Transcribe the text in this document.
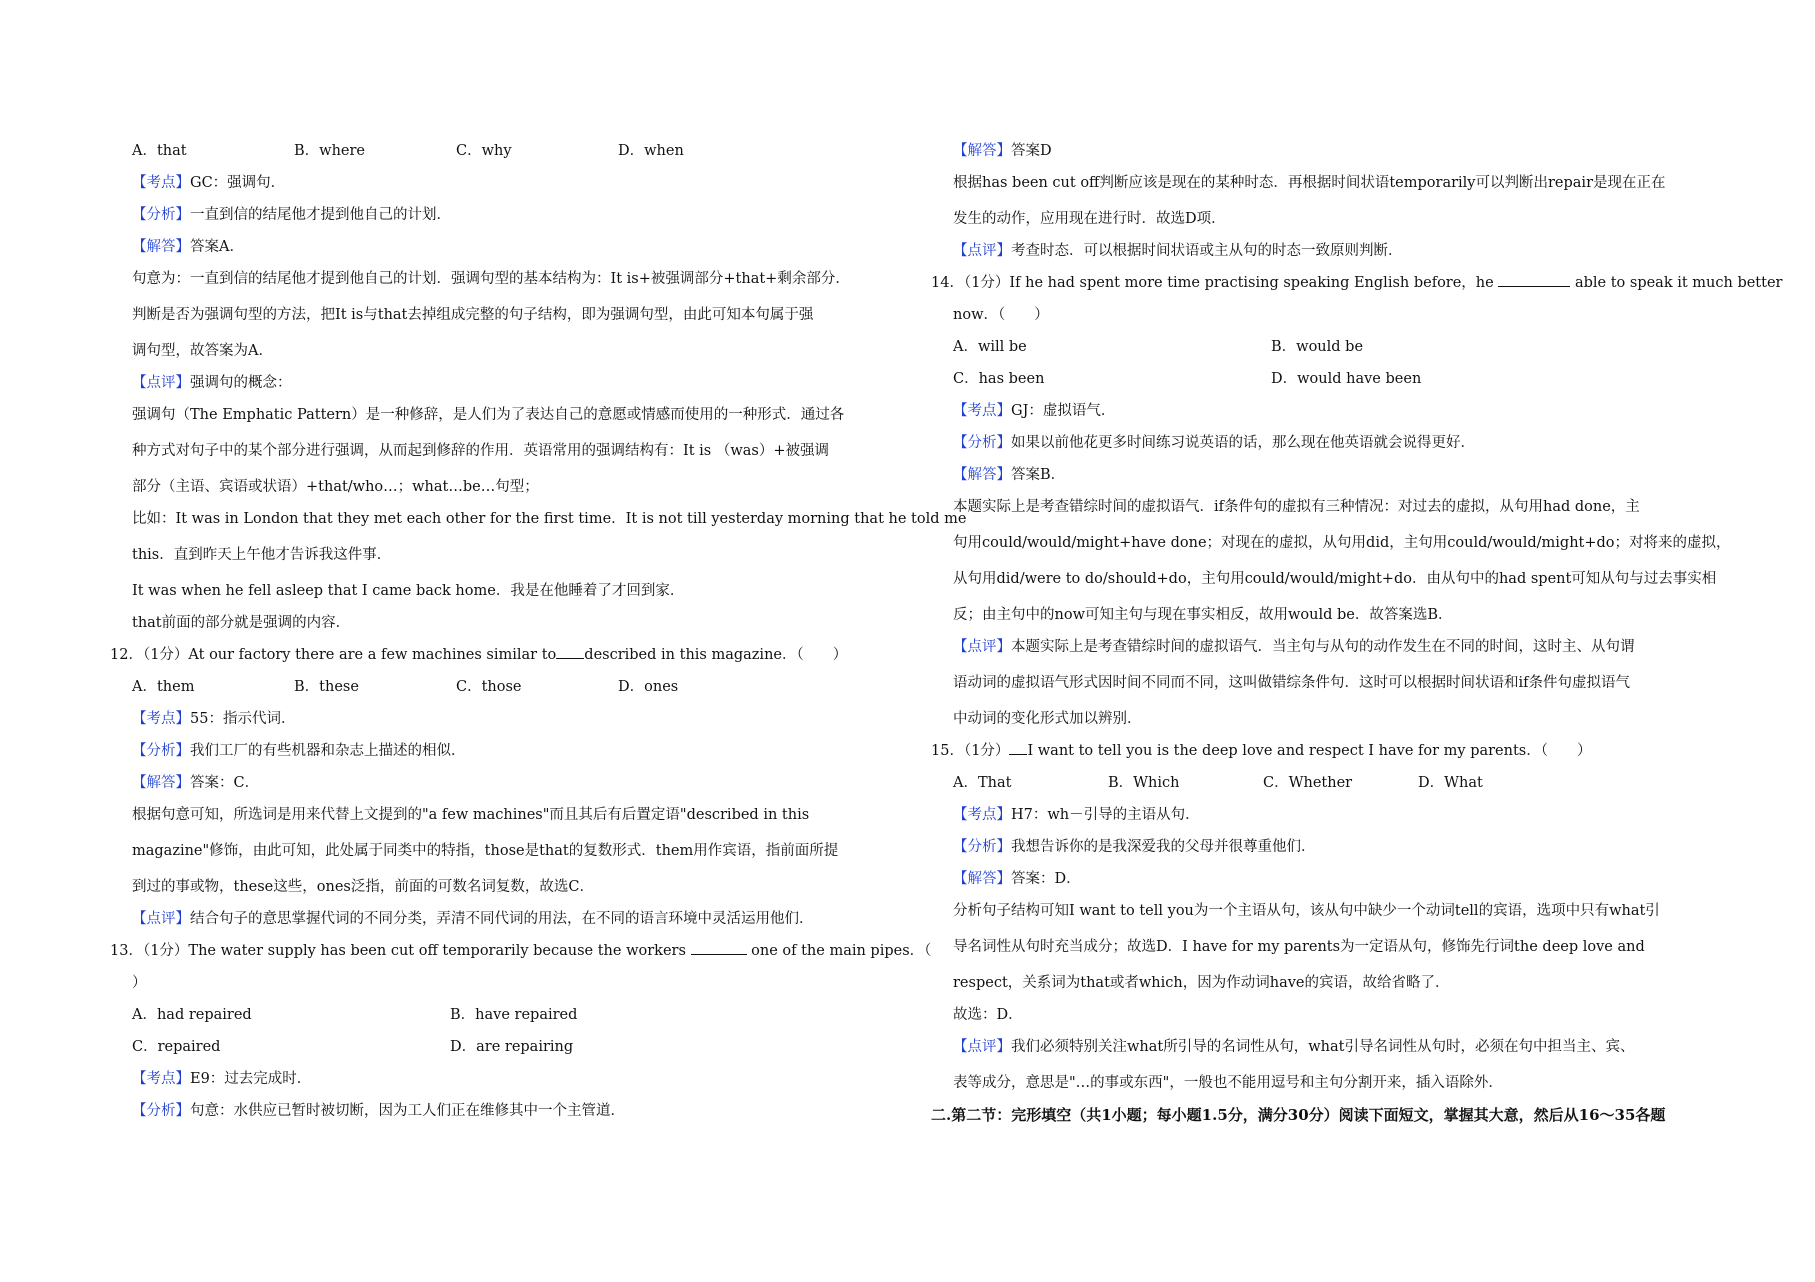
A．that	B．where	C．why	D．when
【考点】GC：强调句．
【分析】一直到信的结尾他才提到他自己的计划．
【解答】答案A．
句意为：一直到信的结尾他才提到他自己的计划．强调句型的基本结构为：It is+被强调部分+that+剩余部分．
判断是否为强调句型的方法，把It is与that去掉组成完整的句子结构，即为强调句型，由此可知本句属于强
调句型，故答案为A．
【点评】强调句的概念：
强调句（The Emphatic Pattern）是一种修辞，是人们为了表达自己的意愿或情感而使用的一种形式．通过各
种方式对句子中的某个部分进行强调，从而起到修辞的作用．英语常用的强调结构有：It is （was）+被强调
部分（主语、宾语或状语）+that/who…；what…be…句型；
比如：It was in London that they met each other for the first time．It is not till yesterday morning that he told me
this．直到昨天上午他才告诉我这件事．
It was when he fell asleep that I came back home．我是在他睡着了才回到家．
that前面的部分就是强调的内容．
12．（1分）At our factory there are a few machines similar to described in this magazine．（　　）
A．them	B．these	C．those	D．ones
【考点】55：指示代词．
【分析】我们工厂的有些机器和杂志上描述的相似．
【解答】答案：C．
根据句意可知，所选词是用来代替上文提到的"a few machines"而且其后有后置定语"described in this
magazine"修饰，由此可知，此处属于同类中的特指，those是that的复数形式．them用作宾语，指前面所提
到过的事或物，these这些，ones泛指，前面的可数名词复数，故选C．
【点评】结合句子的意思掌握代词的不同分类，弄清不同代词的用法，在不同的语言环境中灵活运用他们．
13．（1分）The water supply has been cut off temporarily because the workers	one of the main pipes．（
）
A．had repaired	B．have repaired
C．repaired	D．are repairing
【考点】E9：过去完成时．
【分析】句意：水供应已暂时被切断，因为工人们正在维修其中一个主管道．
【解答】答案D
根据has been cut off判断应该是现在的某种时态．再根据时间状语temporarily可以判断出repair是现在正在
发生的动作，应用现在进行时．故选D项．
【点评】考查时态．可以根据时间状语或主从句的时态一致原则判断．
14．（1分）If he had spent more time practising speaking English before，he	able to speak it much better
now．（　　）
A．will be	B．would be
C．has been	D．would have been
【考点】GJ：虚拟语气．
【分析】如果以前他花更多时间练习说英语的话，那么现在他英语就会说得更好．
【解答】答案B．
本题实际上是考查错综时间的虚拟语气．if条件句的虚拟有三种情况：对过去的虚拟，从句用had done，主
句用could/would/might+have done；对现在的虚拟，从句用did，主句用could/would/might+do；对将来的虚拟，
从句用did/were to do/should+do，主句用could/would/might+do．由从句中的had spent可知从句与过去事实相
反；由主句中的now可知主句与现在事实相反，故用would be．故答案选B．
【点评】本题实际上是考查错综时间的虚拟语气．当主句与从句的动作发生在不同的时间，这时主、从句谓
语动词的虚拟语气形式因时间不同而不同，这叫做错综条件句．这时可以根据时间状语和if条件句虚拟语气
中动词的变化形式加以辨别．
15．（1分） I want to tell you is the deep love and respect I have for my parents．（　　）
A．That	B．Which	C．Whether	D．What
【考点】H7：wh－引导的主语从句．
【分析】我想告诉你的是我深爱我的父母并很尊重他们．
【解答】答案：D．
分析句子结构可知I want to tell you为一个主语从句，该从句中缺少一个动词tell的宾语，选项中只有what引
导名词性从句时充当成分；故选D．I have for my parents为一定语从句，修饰先行词the deep love and
respect，关系词为that或者which，因为作动词have的宾语，故给省略了．
故选：D．
【点评】我们必须特别关注what所引导的名词性从句，what引导名词性从句时，必须在句中担当主、宾、
表等成分，意思是"…的事或东西"，一般也不能用逗号和主句分割开来，插入语除外．
二.第二节：完形填空（共1小题；每小题1.5分，满分30分）阅读下面短文，掌握其大意，然后从16～35各题
